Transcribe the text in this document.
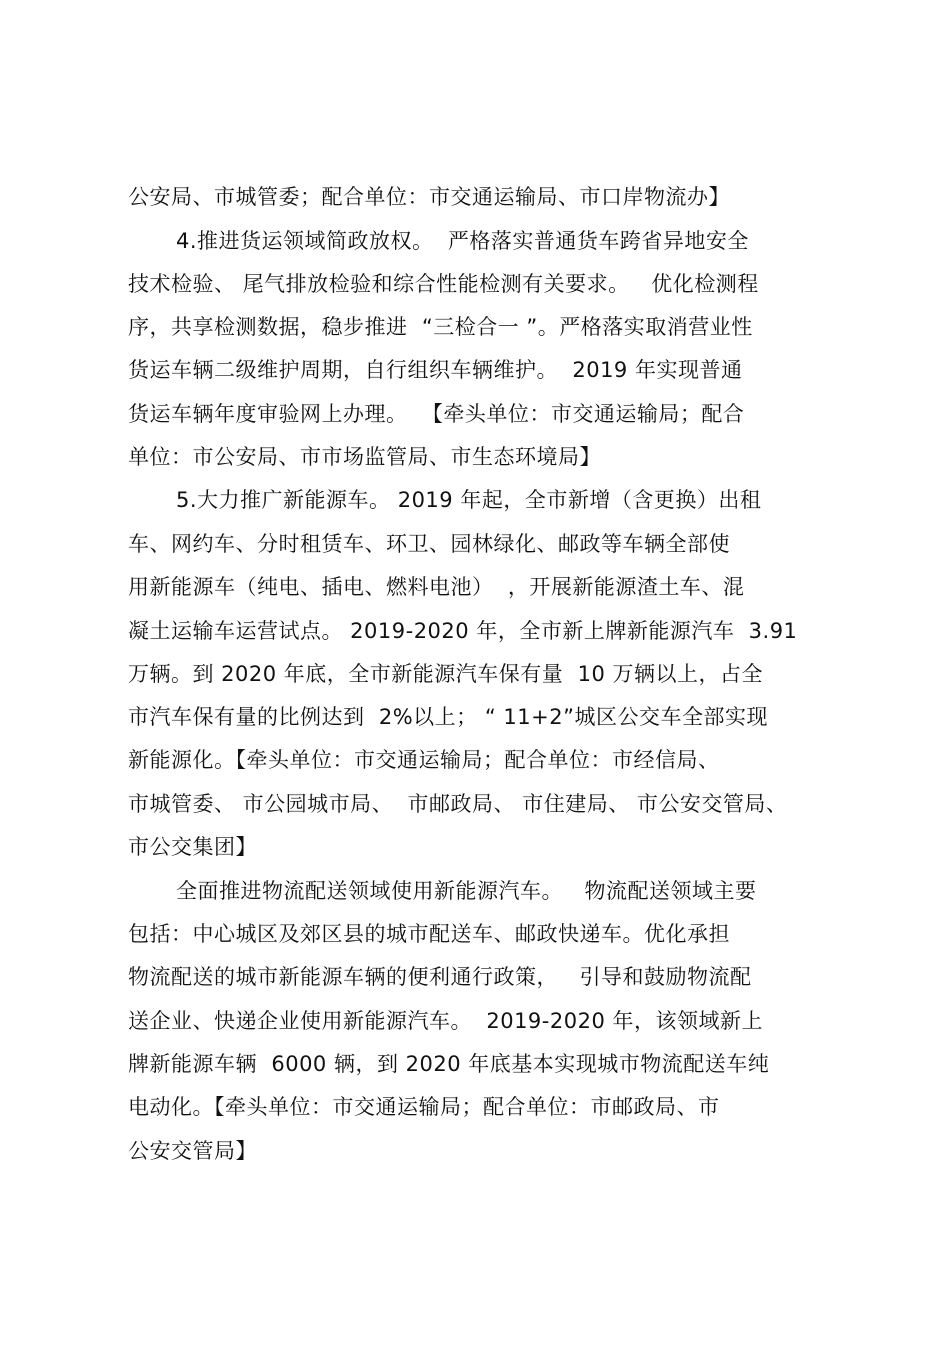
公安局、市城管委；配合单位：市交通运输局、市口岸物流办】
4.推进货运领域简政放权。  严格落实普通货车跨省异地安全
技术检验、 尾气排放检验和综合性能检测有关要求。   优化检测程
序，共享检测数据，稳步推进  “三检合一 ”。严格落实取消营业性
货运车辆二级维护周期，自行组织车辆维护。  2019 年实现普通
货运车辆年度审验网上办理。  【牵头单位：市交通运输局；配合
单位：市公安局、市市场监管局、市生态环境局】
5.大力推广新能源车。 2019 年起，全市新增（含更换）出租
车、网约车、分时租赁车、环卫、园林绿化、邮政等车辆全部使
用新能源车（纯电、插电、燃料电池）  ，开展新能源渣土车、混
凝土运输车运营试点。 2019-2020 年，全市新上牌新能源汽车  3.91
万辆。到 2020 年底，全市新能源汽车保有量  10 万辆以上，占全
市汽车保有量的比例达到  2%以上； “ 11+2”城区公交车全部实现
新能源化。【牵头单位：市交通运输局；配合单位：市经信局、
市城管委、 市公园城市局、  市邮政局、 市住建局、 市公安交管局、
市公交集团】
全面推进物流配送领域使用新能源汽车。   物流配送领域主要
包括：中心城区及郊区县的城市配送车、邮政快递车。优化承担
物流配送的城市新能源车辆的便利通行政策，   引导和鼓励物流配
送企业、快递企业使用新能源汽车。  2019-2020 年，该领域新上
牌新能源车辆  6000 辆，到 2020 年底基本实现城市物流配送车纯
电动化。【牵头单位：市交通运输局；配合单位：市邮政局、市
公安交管局】
